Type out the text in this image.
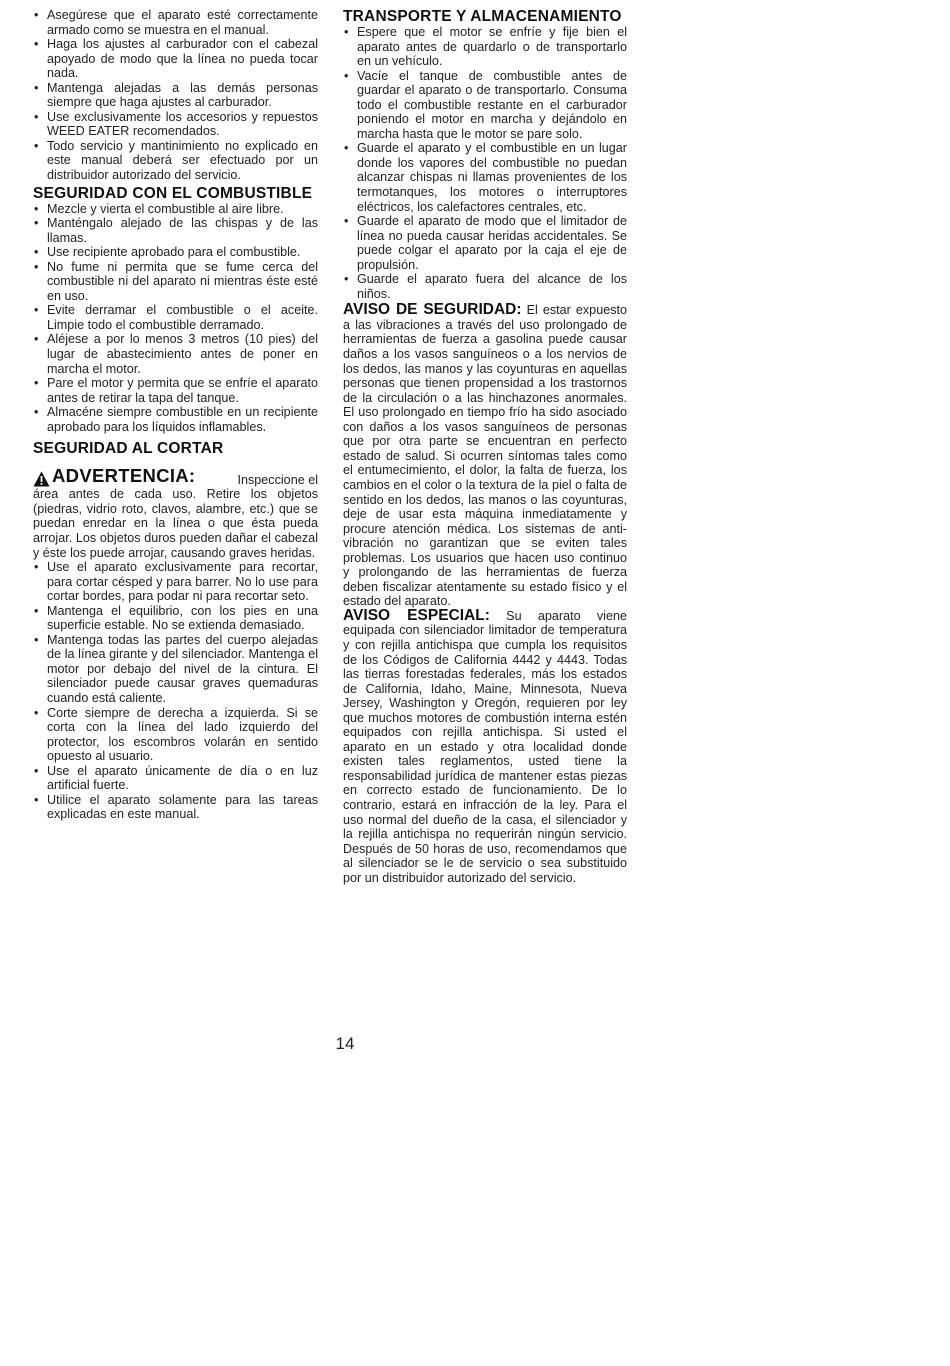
• Asegúrese que el aparato esté correctamente armado como se muestra en el manual.
• Haga los ajustes al carburador con el cabezal apoyado de modo que la línea no pueda tocar nada.
• Mantenga alejadas a las demás personas siempre que haga ajustes al carburador.
• Use exclusivamente los accesorios y repuestos WEED EATER recomendados.
• Todo servicio y mantinimiento no explicado en este manual deberá ser efectuado por un distribuidor autorizado del servicio.
SEGURIDAD CON EL COMBUSTIBLE
• Mezcle y vierta el combustible al aire libre.
• Manténgalo alejado de las chispas y de las llamas.
• Use recipiente aprobado para el combustible.
• No fume ni permita que se fume cerca del combustible ni del aparato ni mientras éste esté en uso.
• Evite derramar el combustible o el aceite. Limpie todo el combustible derramado.
• Aléjese a por lo menos 3 metros (10 pies) del lugar de abastecimiento antes de poner en marcha el motor.
• Pare el motor y permita que se enfríe el aparato antes de retirar la tapa del tanque.
• Almacéne siempre combustible en un recipiente aprobado para los líquidos inflamables.
SEGURIDAD AL CORTAR
ADVERTENCIA:	Inspeccione el

área antes de cada uso. Retire los objetos (piedras, vidrio roto, clavos, alambre, etc.) que se puedan enredar en la línea o que ésta pueda arrojar. Los objetos duros pueden dañar el cabezal y éste los puede arrojar, causando graves heridas.

• Use el aparato exclusivamente para recortar, para cortar césped y para barrer. No lo use para cortar bordes, para podar ni para recortar seto.
• Mantenga el equilibrio, con los pies en una superficie estable. No se extienda demasiado.
• Mantenga todas las partes del cuerpo alejadas de la línea girante y del silenciador. Mantenga el motor por debajo del nivel de la cintura. El silenciador puede causar graves quemaduras cuando está caliente.
• Corte siempre de derecha a izquierda. Si se corta con la línea del lado izquierdo del protector, los escombros volarán en sentido opuesto al usuario.
• Use el aparato únicamente de día o en luz artificial fuerte.
• Utilice el aparato solamente para las tareas explicadas en este manual.
TRANSPORTE Y ALMACENAMIENTO
• Espere que el motor se enfríe y fije bien el aparato antes de quardarlo o de transportarlo en un vehículo.
• Vacíe el tanque de combustible antes de guardar el aparato o de transportarlo. Consuma todo el combustible restante en el carburador poniendo el motor en marcha y dejándolo en marcha hasta que le motor se pare solo.
• Guarde el aparato y el combustible en un lugar donde los vapores del combustible no puedan alcanzar chispas ni llamas provenientes de los termotanques, los motores o interruptores eléctricos, los calefactores centrales, etc.
• Guarde el aparato de modo que el limitador de línea no pueda causar heridas accidentales. Se puede colgar el aparato por la caja el eje de propulsión.
• Guarde el aparato fuera del alcance de los niños.

AVISO DE SEGURIDAD: El estar expuesto a las vibraciones a través del uso prolongado de herramientas de fuerza a gasolina puede causar daños a los vasos sanguíneos o a los nervios de los dedos, las manos y las coyunturas en aquellas personas que tienen propensidad a los trastornos de la circulación o a las hinchazones anormales. El uso prolongado en tiempo frío ha sido asociado con daños a los vasos sanguíneos de personas que por otra parte se encuentran en perfecto estado de salud. Si ocurren síntomas tales como el entumecimiento, el dolor, la falta de fuerza, los cambios en el color o la textura de la piel o falta de sentido en los dedos, las manos o las coyunturas, deje de usar esta máquina inmediatamente y procure atención médica. Los sistemas de anti-vibración no garantizan que se eviten tales problemas. Los usuarios que hacen uso continuo y prolongando de las herramientas de fuerza deben fiscalizar atentamente su estado físico y el estado del aparato.

AVISO ESPECIAL: Su aparato viene equipada con silenciador limitador de temperatura y con rejilla antichispa que cumpla los requisitos de los Códigos de California 4442 y 4443. Todas las tierras forestadas federales, más los estados de California, Idaho, Maine, Minnesota, Nueva Jersey, Washington y Oregón, requieren por ley que muchos motores de combustión interna estén equipados con rejilla antichispa. Si usted el aparato en un estado y otra localidad donde existen tales reglamentos, usted tiene la responsabilidad jurídica de mantener estas piezas en correcto estado de funcionamiento. De lo contrario, estará en infracción de la ley. Para el uso normal del dueño de la casa, el silenciador y la rejilla antichispa no requerirán ningún servicio. Después de 50 horas de uso, recomendamos que al silenciador se le de servicio o sea substituido por un distribuidor autorizado del servicio.

14
